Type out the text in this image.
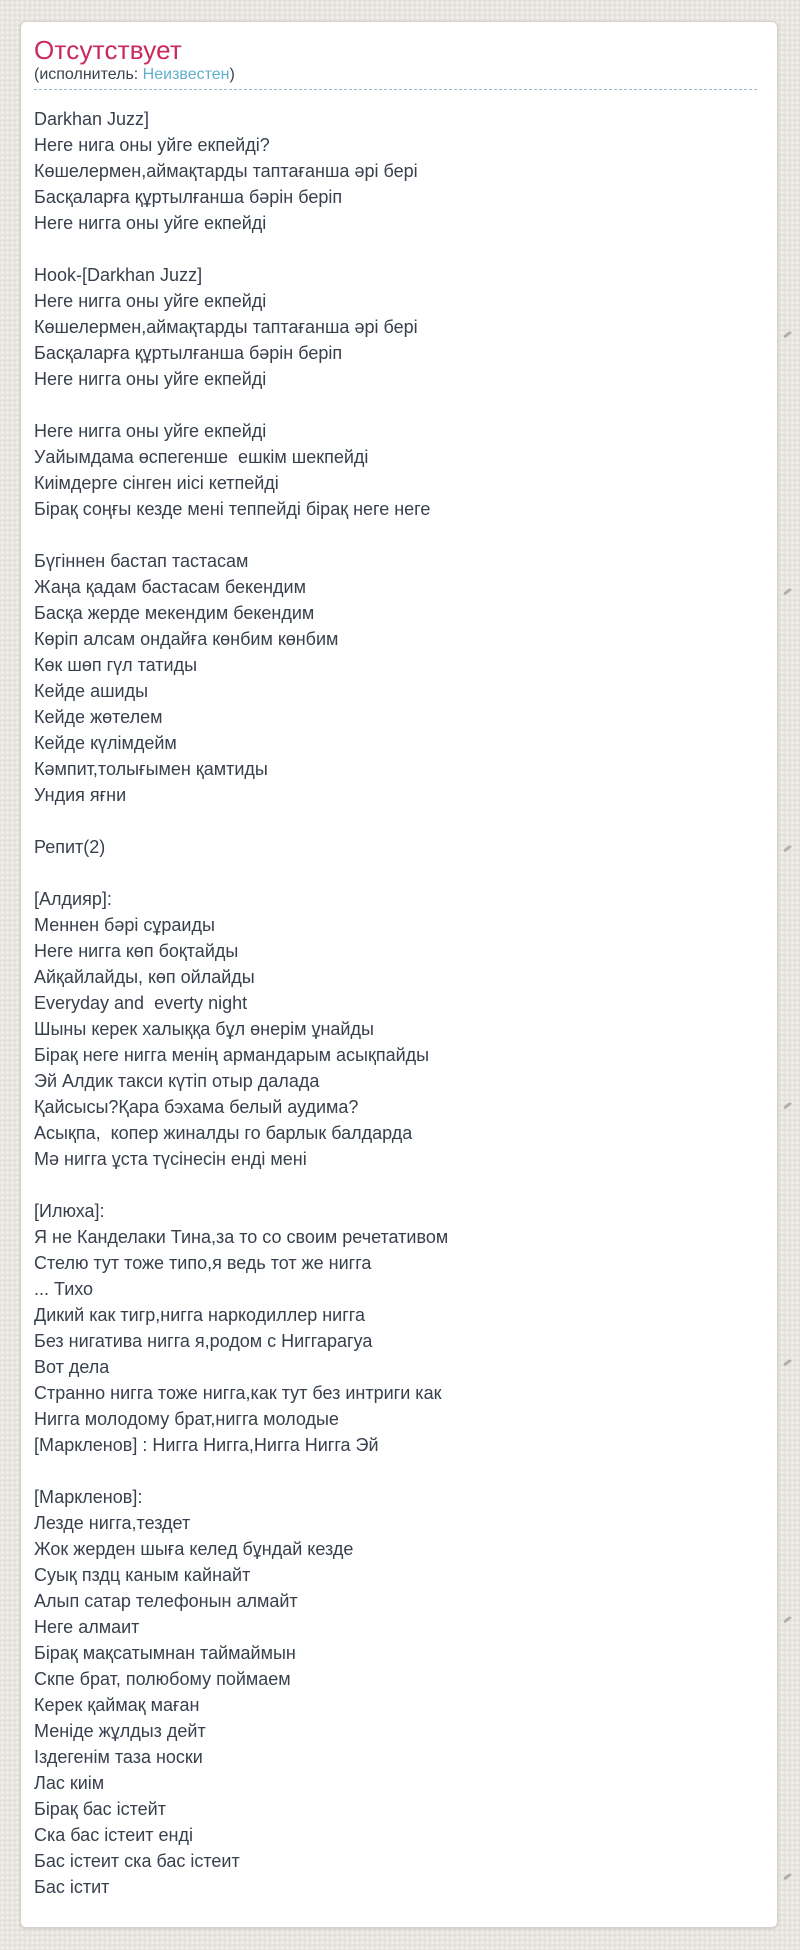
Отсутствует
(исполнитель: Неизвестен)
Darkhan Juzz]
Неге нига оны уйге екпейді?
Көшелермен,аймақтарды таптағанша әрі бері
Басқаларға құртылғанша бәрін беріп
Неге нигга оны уйге екпейді
Hook-[Darkhan Juzz]
Неге нигга оны уйге екпейді
Көшелермен,аймақтарды таптағанша әрі бері
Басқаларға құртылғанша бәрін беріп
Неге нигга оны уйге екпейді
Неге нигга оны уйге екпейді
Уайымдама өспегенше  ешкім шекпейді
Киімдерге сінген иісі кетпейді
Бірақ соңғы кезде мені теппейді бірақ неге неге
Бүгіннен бастап тастасам
Жаңа қадам бастасам бекендим
Басқа жерде мекендим бекендим
Көріп алсам ондайға көнбим көнбим
Көк шөп гүл татиды
Кейде ашиды
Кейде жөтелем
Кейде күлімдейм
Кәмпит,толығымен қамтиды
Ундия яғни
Репит(2)
[Алдияр]:
Меннен бәрі сұраиды
Неге нигга көп боқтайды
Айқайлайды, көп ойлайды
Everyday and  everty night
Шыны керек халыққа бұл өнерім ұнайды
Бірақ неге нигга менің армандарым асықпайды
Эй Алдик такси күтіп отыр далада
Қайсысы?Қара бэхама белый аудима?
Асықпа,  копер жиналды го барлык балдарда
Мә нигга ұста түсінесін енді мені
[Илюха]:
Я не Канделаки Тина,за то со своим речетативом
Стелю тут тоже типо,я ведь тот же нигга
... Тихо
Дикий как тигр,нигга наркодиллер нигга
Без нигатива нигга я,родом с Ниггарагуа
Вот дела
Странно нигга тоже нигга,как тут без интриги как
Нигга молодому брат,нигга молодые
[Маркленов] : Нигга Нигга,Нигга Нигга Эй
[Маркленов]:
Лезде нигга,тездет
Жок жерден шыға келед бұндай кезде
Суық пздц каным кайнайт
Алып сатар телефонын алмайт
Неге алмаит
Бірақ мақсатымнан таймаймын
Скпе брат, полюбому поймаем
Керек қаймақ маған
Меніде жұлдыз дейт
Іздегенім таза носки
Лас киім
Бірақ бас істейт
Ска бас істеит енді
Бас істеит ска бас істеит
Бас істит
